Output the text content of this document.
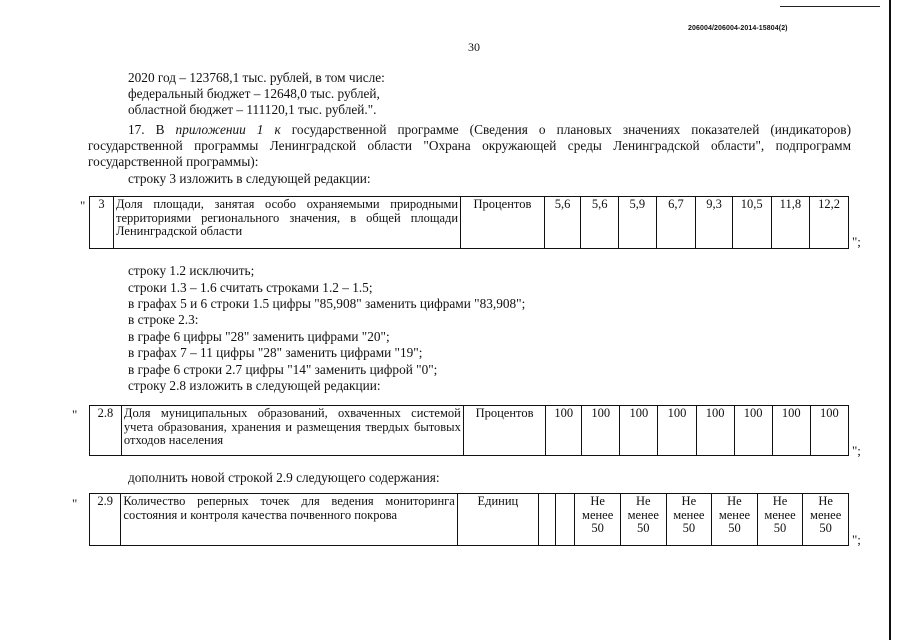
206004/206004-2014-15804(2)
30
2020 год – 123768,1 тыс. рублей, в том числе:
федеральный бюджет – 12648,0 тыс. рублей,
областной бюджет – 111120,1 тыс. рублей.".
17. В приложении 1 к государственной программе (Сведения о плановых значениях показателей (индикаторов) государственной программы Ленинградской области "Охрана окружающей среды Ленинградской области", подпрограмм государственной программы):
строку 3 изложить в следующей редакции:
" 3	Доля площади, занятая особо охраняемыми природными территориями регионального значения, в общей площади Ленинградской области	Процентов	5,6	5,6	5,9	6,7	9,3	10,5	11,8	12,2
";
строку 1.2 исключить;
строки 1.3 – 1.6 считать строками 1.2 – 1.5;
в графах 5 и 6 строки 1.5 цифры "85,908" заменить цифрами "83,908";
в строке 2.3:
в графе 6 цифры "28" заменить цифрами "20";
в графах 7 – 11 цифры "28" заменить цифрами "19";
в графе 6 строки 2.7 цифры "14" заменить цифрой "0";
строку 2.8 изложить в следующей редакции:
" 2.8	Доля муниципальных образований, охваченных системой учета образования, хранения и размещения твердых бытовых отходов населения	Процентов	100	100	100	100	100	100	100	100
";
дополнить новой строкой 2.9 следующего содержания:
" 2.9	Количество реперных точек для ведения мониторинга состояния и контроля качества почвенного покрова	Единиц			Не менее 50	Не менее 50	Не менее 50	Не менее 50	Не менее 50	Не менее 50
";
